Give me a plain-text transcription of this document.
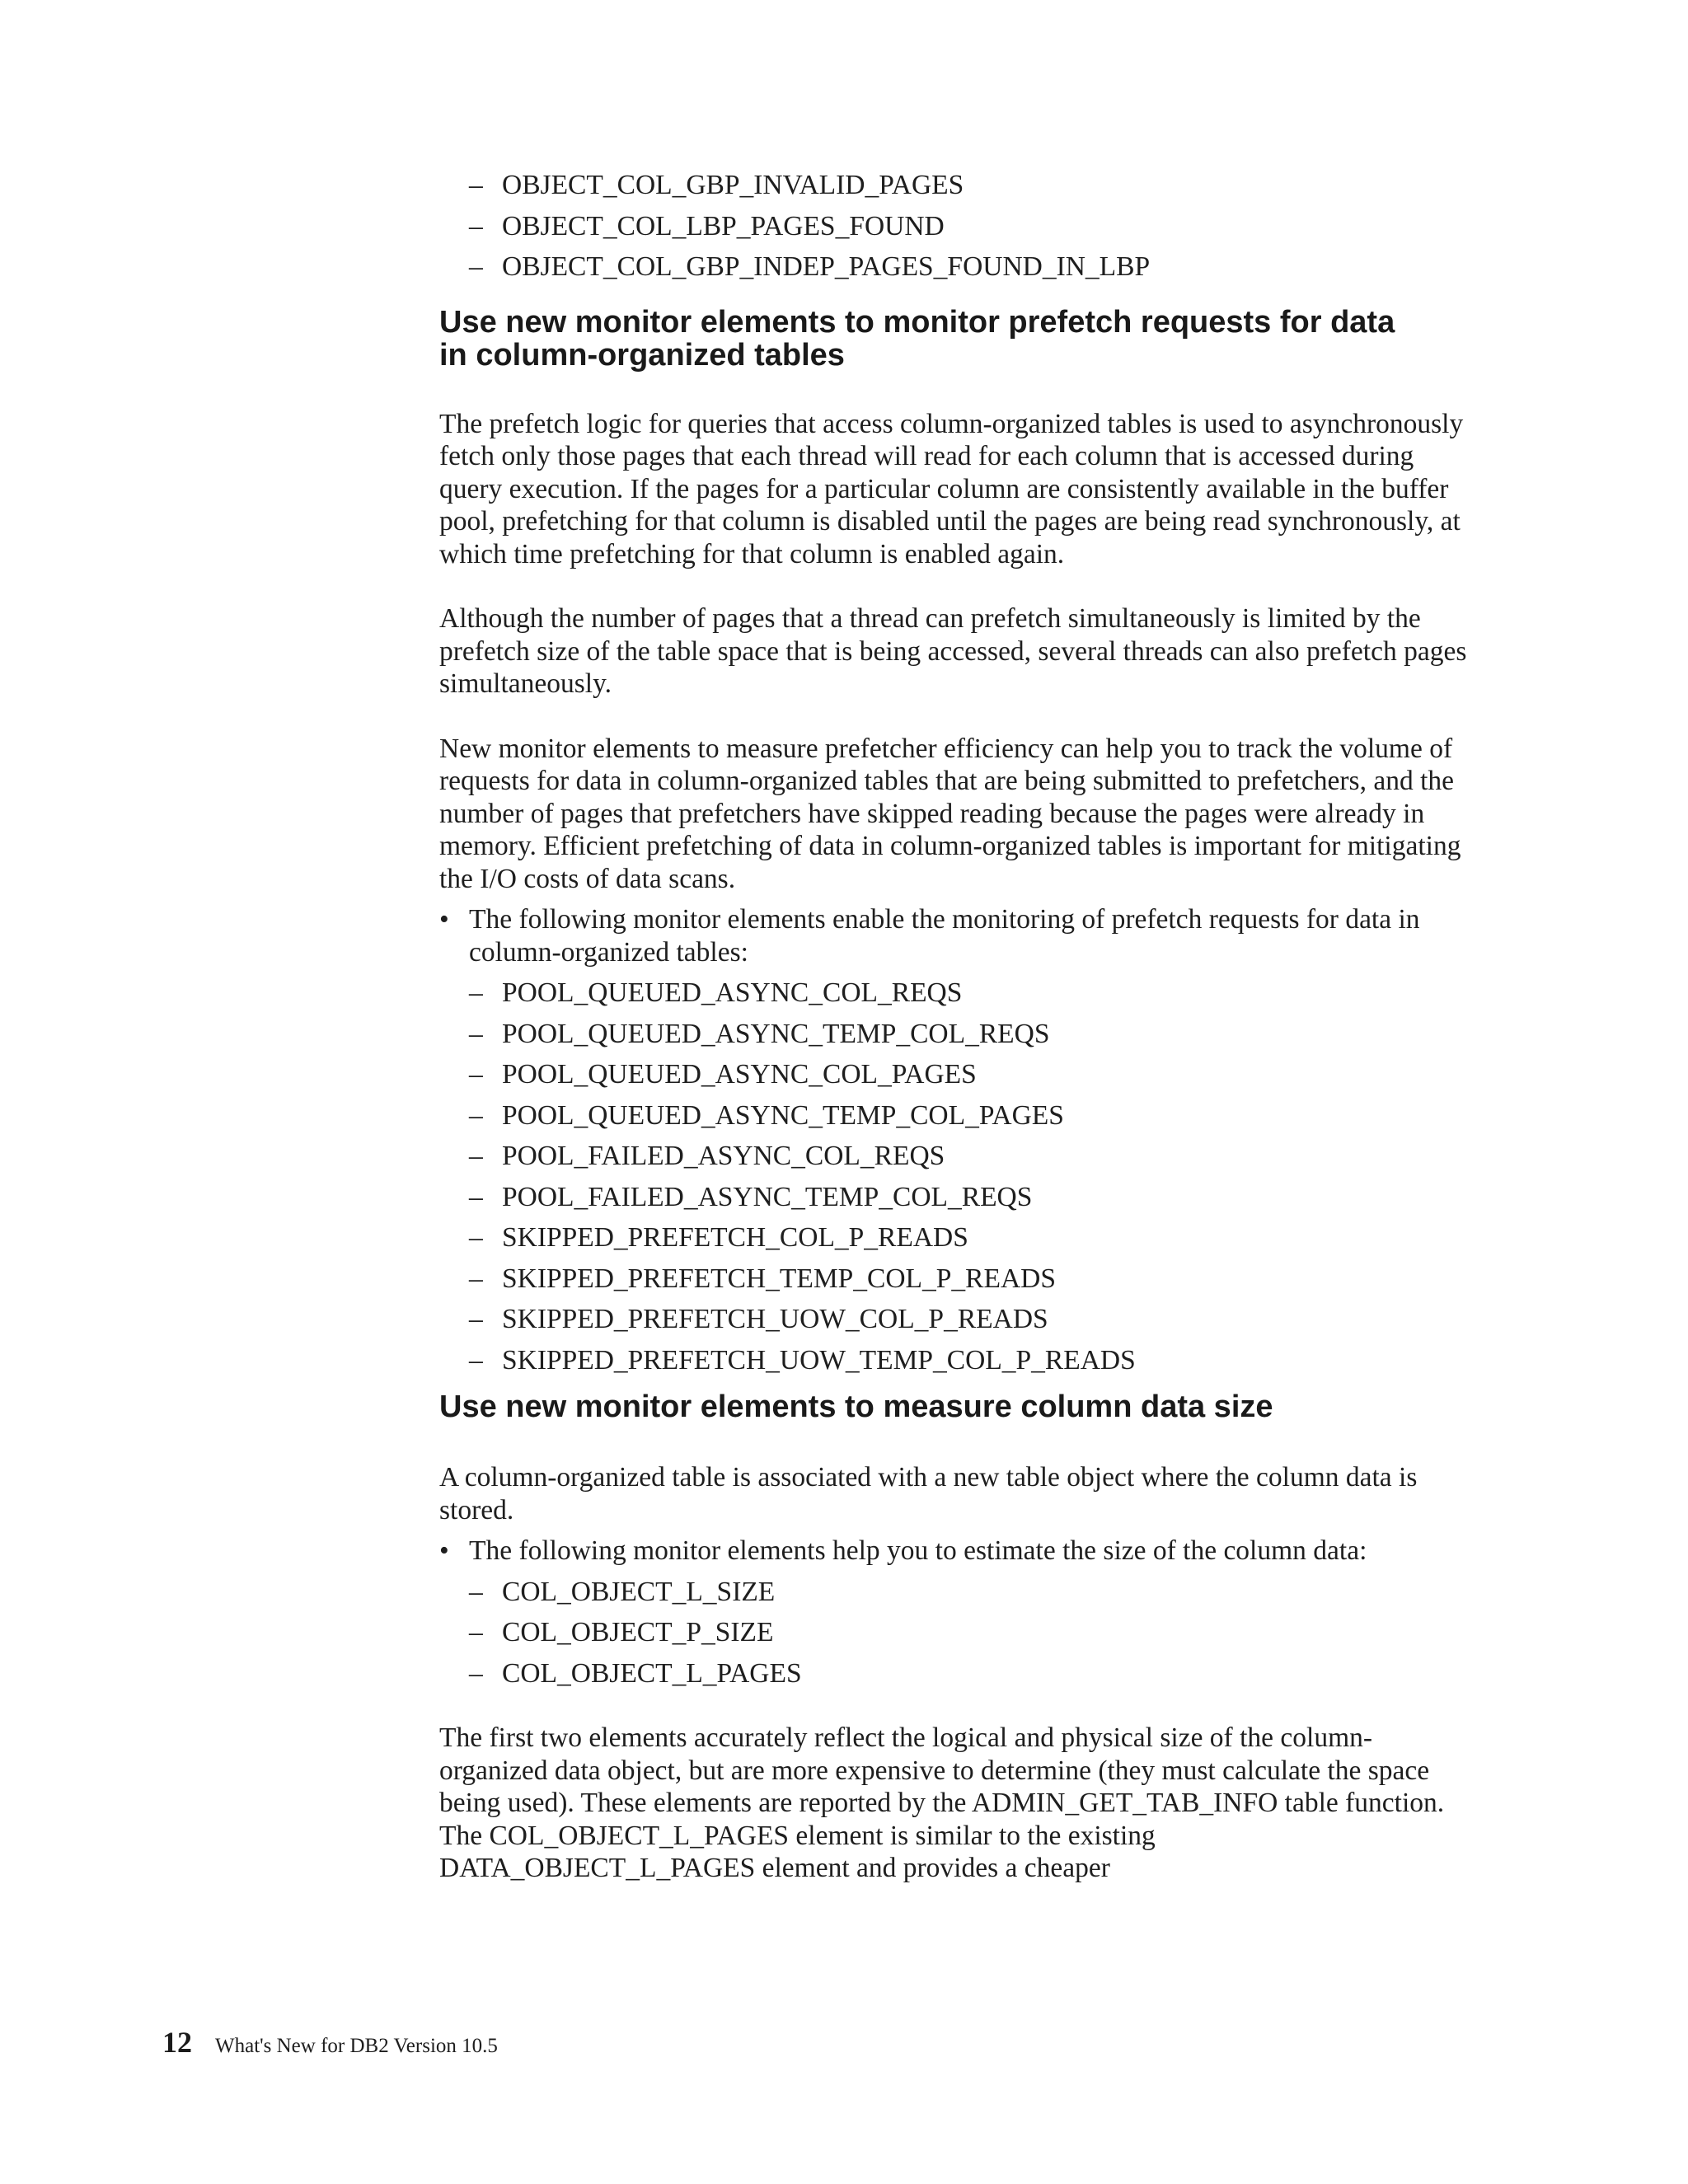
– OBJECT_COL_GBP_INVALID_PAGES
– OBJECT_COL_LBP_PAGES_FOUND
– OBJECT_COL_GBP_INDEP_PAGES_FOUND_IN_LBP
Use new monitor elements to monitor prefetch requests for data
in column-organized tables

The prefetch logic for queries that access column-organized tables is used to asynchronously fetch only those pages that each thread will read for each column that is accessed during query execution. If the pages for a particular column are consistently available in the buffer pool, prefetching for that column is disabled until the pages are being read synchronously, at which time prefetching for that column is enabled again.

Although the number of pages that a thread can prefetch simultaneously is limited by the prefetch size of the table space that is being accessed, several threads can also prefetch pages simultaneously.

New monitor elements to measure prefetcher efficiency can help you to track the volume of requests for data in column-organized tables that are being submitted to prefetchers, and the number of pages that prefetchers have skipped reading because the pages were already in memory. Efficient prefetching of data in column-organized tables is important for mitigating the I/O costs of data scans.

• The following monitor elements enable the monitoring of prefetch requests for data in column-organized tables:
– POOL_QUEUED_ASYNC_COL_REQS
– POOL_QUEUED_ASYNC_TEMP_COL_REQS
– POOL_QUEUED_ASYNC_COL_PAGES
– POOL_QUEUED_ASYNC_TEMP_COL_PAGES
– POOL_FAILED_ASYNC_COL_REQS
– POOL_FAILED_ASYNC_TEMP_COL_REQS
– SKIPPED_PREFETCH_COL_P_READS
– SKIPPED_PREFETCH_TEMP_COL_P_READS
– SKIPPED_PREFETCH_UOW_COL_P_READS
– SKIPPED_PREFETCH_UOW_TEMP_COL_P_READS
Use new monitor elements to measure column data size

A column-organized table is associated with a new table object where the column data is stored.

• The following monitor elements help you to estimate the size of the column data:
– COL_OBJECT_L_SIZE
– COL_OBJECT_P_SIZE
– COL_OBJECT_L_PAGES

The first two elements accurately reflect the logical and physical size of the column-organized data object, but are more expensive to determine (they must calculate the space being used). These elements are reported by the ADMIN_GET_TAB_INFO table function. The COL_OBJECT_L_PAGES element is similar to the existing DATA_OBJECT_L_PAGES element and provides a cheaper

12 What's New for DB2 Version 10.5
